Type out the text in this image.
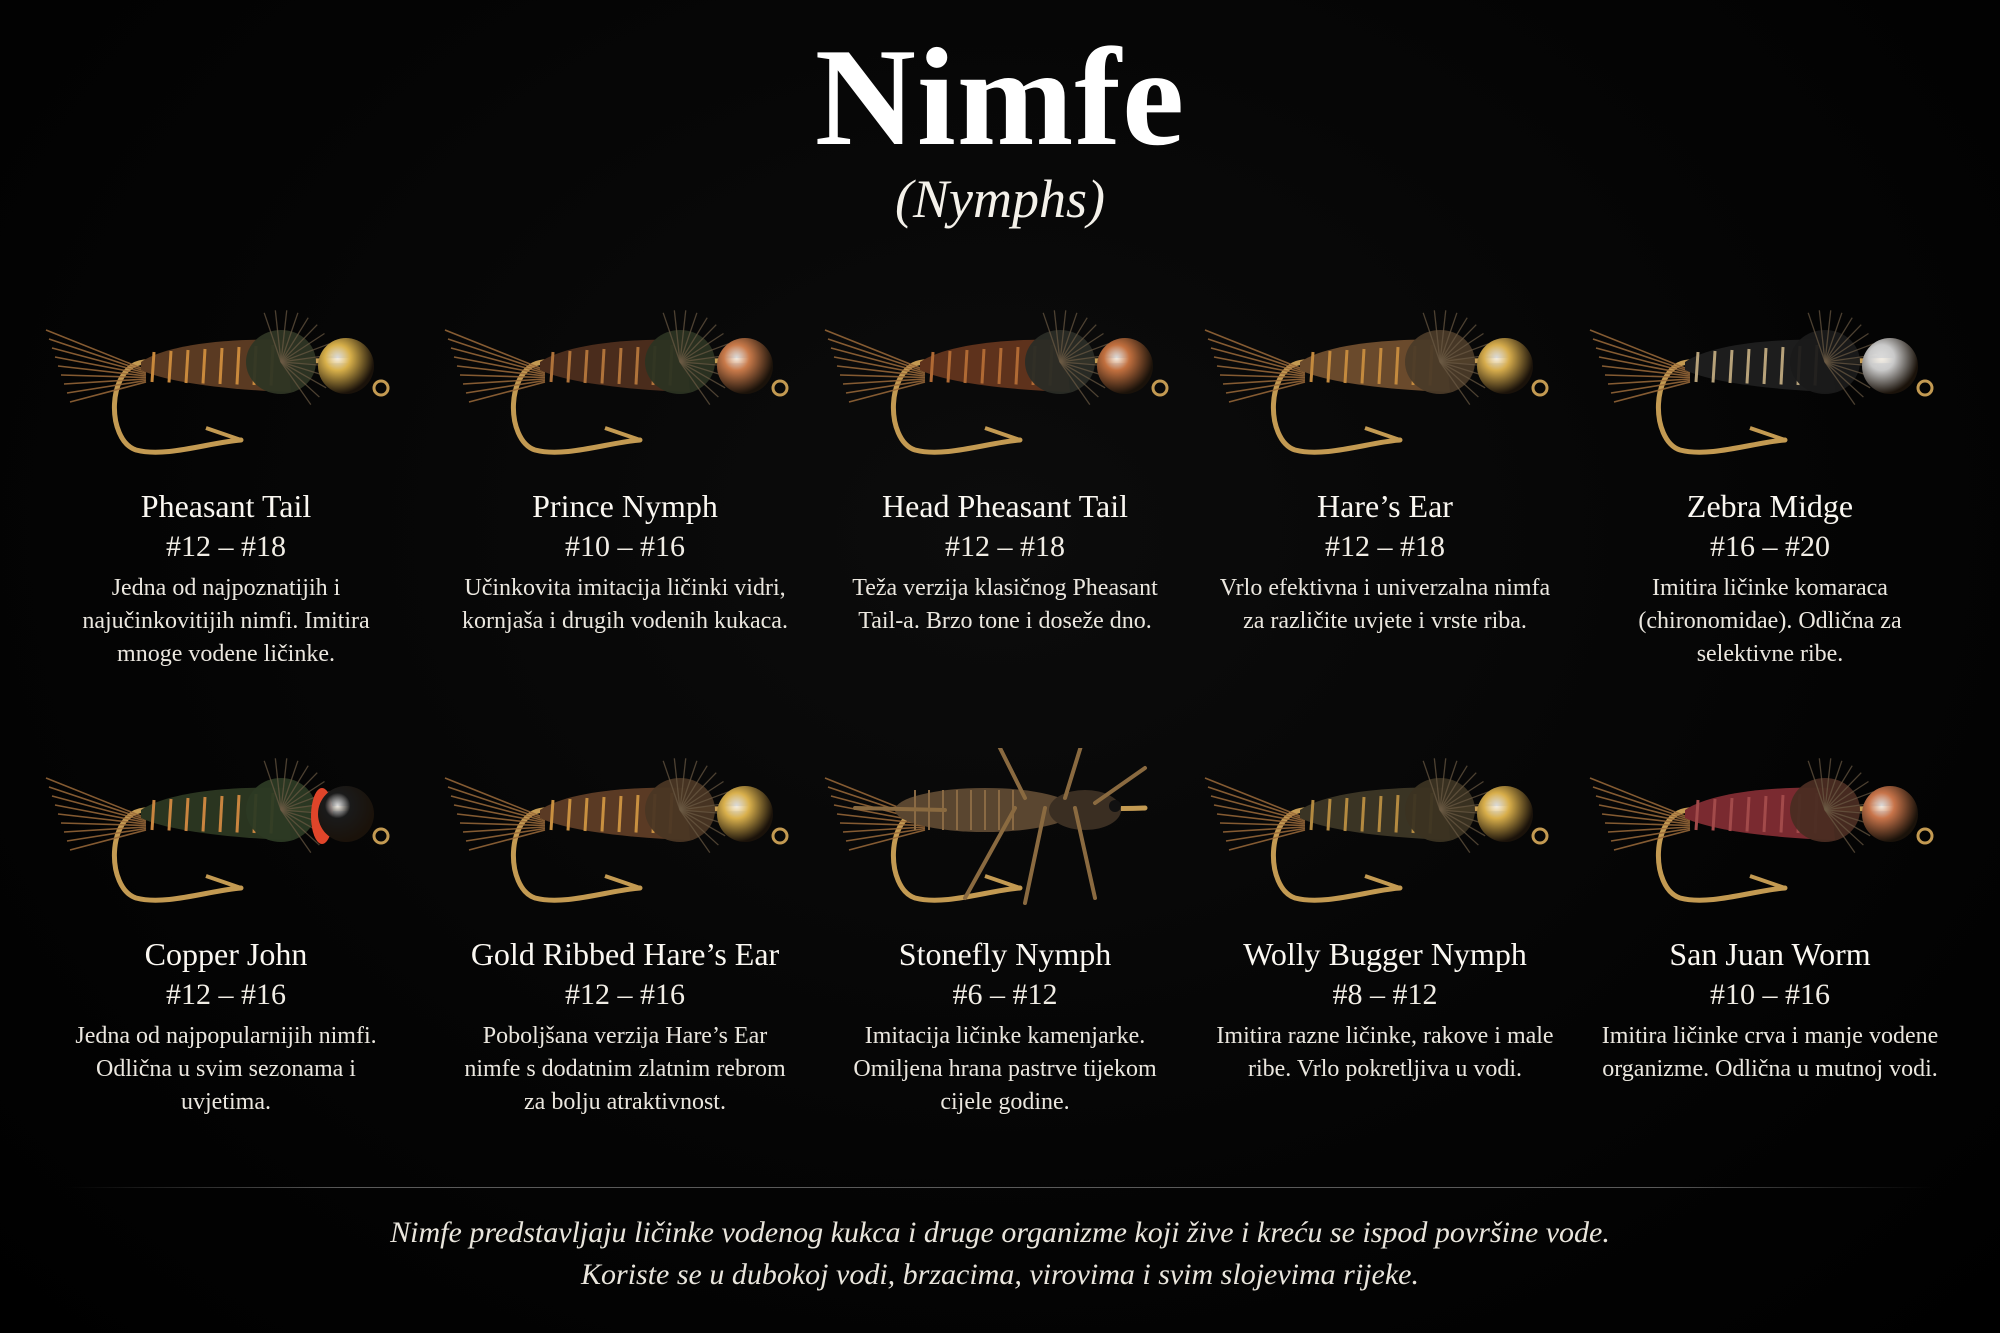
Nimfe
(Nymphs)
Pheasant Tail
#12 – #18
Jedna od najpoznatijih i najučinkovitijih nimfi. Imitira mnoge vodene ličinke.
Prince Nymph
#10 – #16
Učinkovita imitacija ličinki vidri, kornjaša i drugih vodenih kukaca.
Head Pheasant Tail
#12 – #18
Teža verzija klasičnog Pheasant Tail-a. Brzo tone i doseže dno.
Hare’s Ear
#12 – #18
Vrlo efektivna i univerzalna nimfa za različite uvjete i vrste riba.
Zebra Midge
#16 – #20
Imitira ličinke komaraca (chironomidae). Odlična za selektivne ribe.
Copper John
#12 – #16
Jedna od najpopularnijih nimfi. Odlična u svim sezonama i uvjetima.
Gold Ribbed Hare’s Ear
#12 – #16
Poboljšana verzija Hare’s Ear nimfe s dodatnim zlatnim rebrom za bolju atraktivnost.
Stonefly Nymph
#6 – #12
Imitacija ličinke kamenjarke. Omiljena hrana pastrve tijekom cijele godine.
Wolly Bugger Nymph
#8 – #12
Imitira razne ličinke, rakove i male ribe. Vrlo pokretljiva u vodi.
San Juan Worm
#10 – #16
Imitira ličinke crva i manje vodene organizme. Odlična u mutnoj vodi.
Nimfe predstavljaju ličinke vodenog kukca i druge organizme koji žive i kreću se ispod površine vode.
Koriste se u dubokoj vodi, brzacima, virovima i svim slojevima rijeke.
